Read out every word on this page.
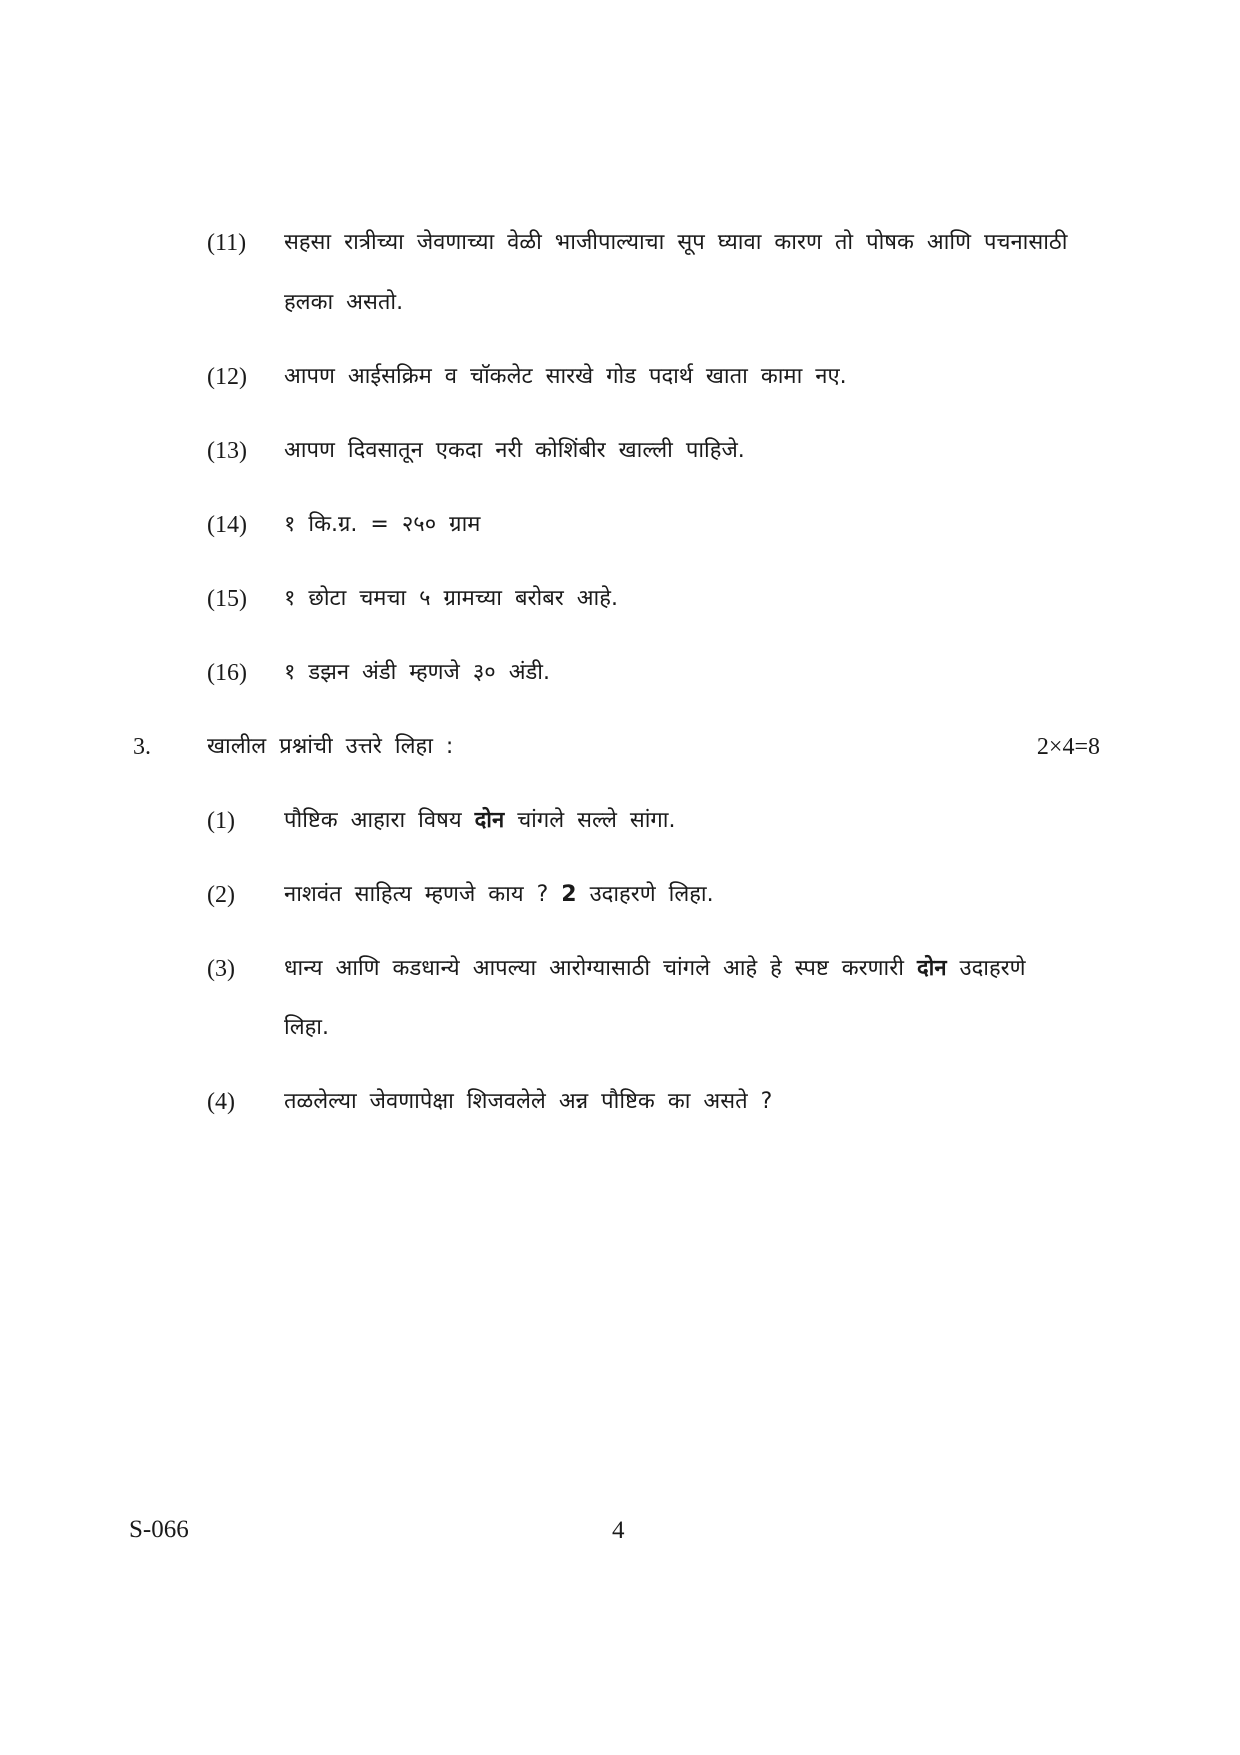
(11) सहसा रात्रीच्या जेवणाच्या वेळी भाजीपाल्याचा सूप घ्यावा कारण तो पोषक आणि पचनासाठी
हलका असतो.
(12) आपण आईसक्रिम व चॉकलेट सारखे गोड पदार्थ खाता कामा नए.
(13) आपण दिवसातून एकदा नरी कोशिंबीर खाल्ली पाहिजे.
(14) १ कि.ग्र. = २५० ग्राम
(15) १ छोटा चमचा ५ ग्रामच्या बरोबर आहे.
(16) १ डझन अंडी म्हणजे ३० अंडी.
3.	खालील प्रश्नांची उत्तरे लिहा :	2×4=8
(1) पौष्टिक आहारा विषय दोन चांगले सल्ले सांगा.
(2) नाशवंत साहित्य म्हणजे काय ? 2 उदाहरणे लिहा.
(3) धान्य आणि कडधान्ये आपल्या आरोग्यासाठी चांगले आहे हे स्पष्ट करणारी दोन उदाहरणे
लिहा.
(4) तळलेल्या जेवणापेक्षा शिजवलेले अन्न पौष्टिक का असते ?
S-066	4
